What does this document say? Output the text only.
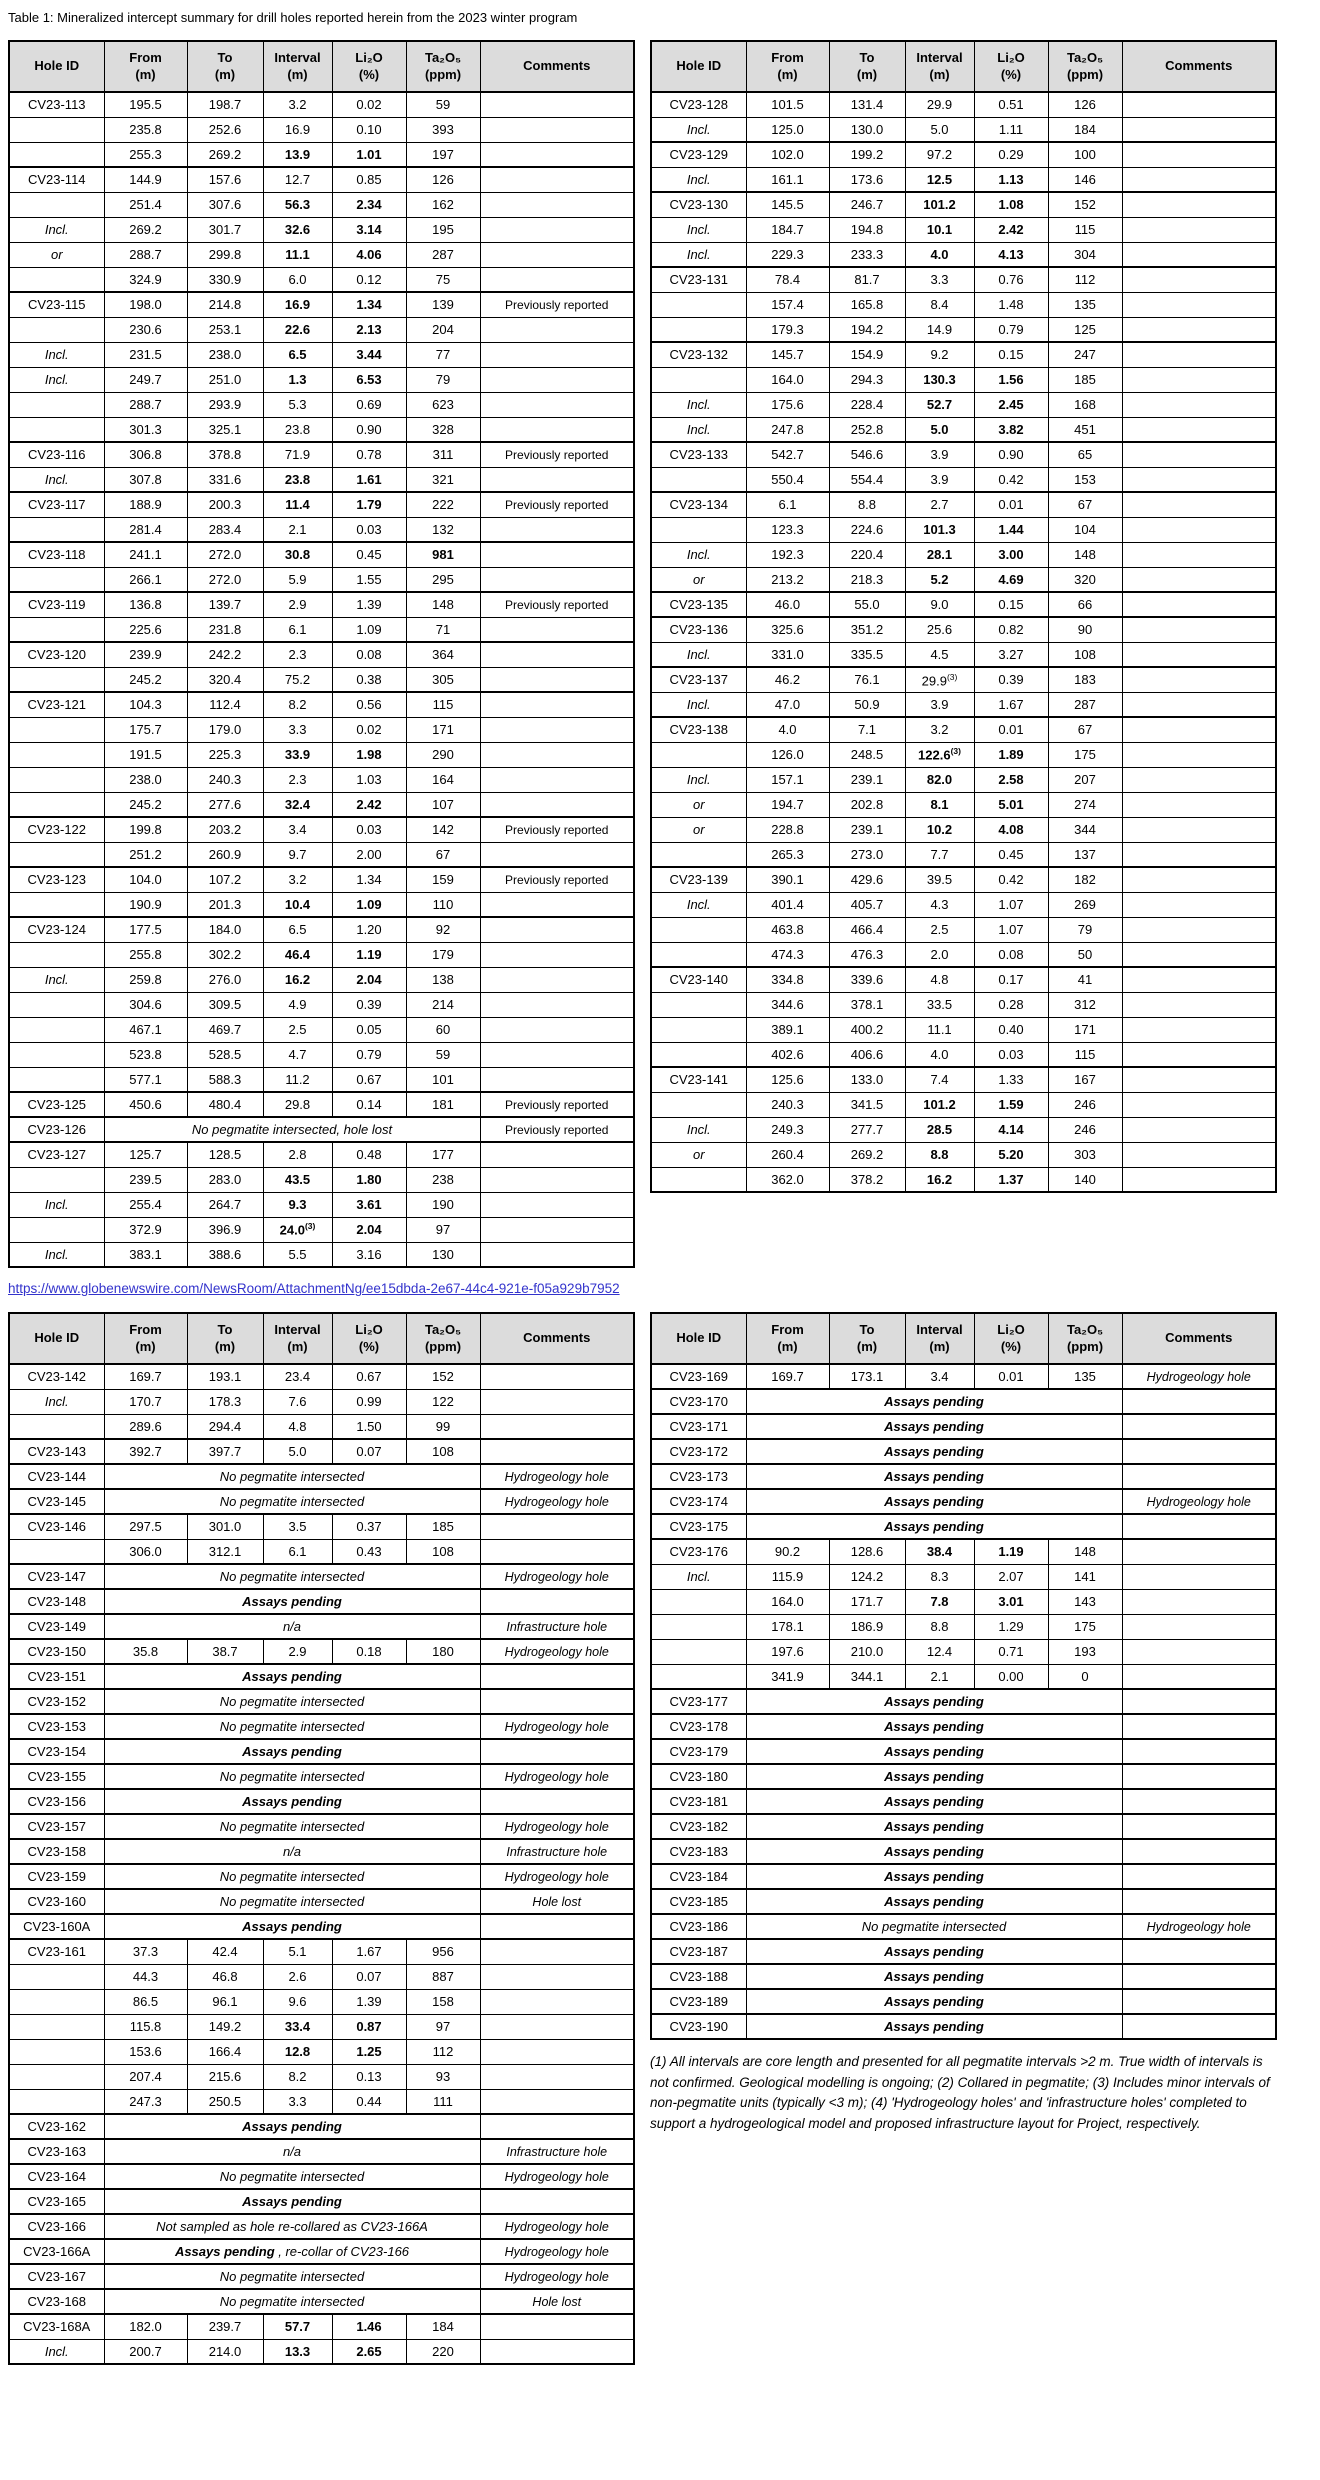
Table 1: Mineralized intercept summary for drill holes reported herein from the 2023 winter program
Hole ID

From
(m)

To
(m)

Interval
(m)

Li₂O
(%)

Ta₂O₅
(ppm)

Comments

CV23-113	195.5	198.7	3.2	0.02	59	
	235.8	252.6	16.9	0.10	393	
	255.3	269.2	13.9	1.01	197	
CV23-114	144.9	157.6	12.7	0.85	126	
	251.4	307.6	56.3	2.34	162	
Incl.	269.2	301.7	32.6	3.14	195	
or	288.7	299.8	11.1	4.06	287	
	324.9	330.9	6.0	0.12	75	
CV23-115	198.0	214.8	16.9	1.34	139	Previously reported
	230.6	253.1	22.6	2.13	204	
Incl.	231.5	238.0	6.5	3.44	77	
Incl.	249.7	251.0	1.3	6.53	79	
	288.7	293.9	5.3	0.69	623	
	301.3	325.1	23.8	0.90	328	
CV23-116	306.8	378.8	71.9	0.78	311	Previously reported
Incl.	307.8	331.6	23.8	1.61	321	
CV23-117	188.9	200.3	11.4	1.79	222	Previously reported
	281.4	283.4	2.1	0.03	132	
CV23-118	241.1	272.0	30.8	0.45	981	
	266.1	272.0	5.9	1.55	295	
CV23-119	136.8	139.7	2.9	1.39	148	Previously reported
	225.6	231.8	6.1	1.09	71	
CV23-120	239.9	242.2	2.3	0.08	364	
	245.2	320.4	75.2	0.38	305	
CV23-121	104.3	112.4	8.2	0.56	115	
	175.7	179.0	3.3	0.02	171	
	191.5	225.3	33.9	1.98	290	
	238.0	240.3	2.3	1.03	164	
	245.2	277.6	32.4	2.42	107	
CV23-122	199.8	203.2	3.4	0.03	142	Previously reported
	251.2	260.9	9.7	2.00	67	
CV23-123	104.0	107.2	3.2	1.34	159	Previously reported
	190.9	201.3	10.4	1.09	110	
CV23-124	177.5	184.0	6.5	1.20	92	
	255.8	302.2	46.4	1.19	179	
Incl.	259.8	276.0	16.2	2.04	138	
	304.6	309.5	4.9	0.39	214	
	467.1	469.7	2.5	0.05	60	
	523.8	528.5	4.7	0.79	59	
	577.1	588.3	11.2	0.67	101	
CV23-125	450.6	480.4	29.8	0.14	181	Previously reported
CV23-126	No pegmatite intersected, hole lost					Previously reported
CV23-127	125.7	128.5	2.8	0.48	177	
	239.5	283.0	43.5	1.80	238	
Incl.	255.4	264.7	9.3	3.61	190	
	372.9	396.9	24.0$^{(3)}$	2.04	97	
Incl.	383.1	388.6	5.5	3.16	130	
Hole ID

From
(m)

To
(m)

Interval
(m)

Li₂O
(%)

Ta₂O₅
(ppm)

Comments

CV23-128	101.5	131.4	29.9	0.51	126	
Incl.	125.0	130.0	5.0	1.11	184	
CV23-129	102.0	199.2	97.2	0.29	100	
Incl.	161.1	173.6	12.5	1.13	146	
CV23-130	145.5	246.7	101.2	1.08	152	
Incl.	184.7	194.8	10.1	2.42	115	
Incl.	229.3	233.3	4.0	4.13	304	
CV23-131	78.4	81.7	3.3	0.76	112	
	157.4	165.8	8.4	1.48	135	
	179.3	194.2	14.9	0.79	125	
CV23-132	145.7	154.9	9.2	0.15	247	
	164.0	294.3	130.3	1.56	185	
Incl.	175.6	228.4	52.7	2.45	168	
Incl.	247.8	252.8	5.0	3.82	451	
CV23-133	542.7	546.6	3.9	0.90	65	
	550.4	554.4	3.9	0.42	153	
CV23-134	6.1	8.8	2.7	0.01	67	
	123.3	224.6	101.3	1.44	104	
Incl.	192.3	220.4	28.1	3.00	148	
or	213.2	218.3	5.2	4.69	320	
CV23-135	46.0	55.0	9.0	0.15	66	
CV23-136	325.6	351.2	25.6	0.82	90	
Incl.	331.0	335.5	4.5	3.27	108	
CV23-137	46.2	76.1	29.9$^{(3)}$	0.39	183	
Incl.	47.0	50.9	3.9	1.67	287	
CV23-138	4.0	7.1	3.2	0.01	67	
	126.0	248.5	122.6$^{(3)}$	1.89	175	
Incl.	157.1	239.1	82.0	2.58	207	
or	194.7	202.8	8.1	5.01	274	
or	228.8	239.1	10.2	4.08	344	
	265.3	273.0	7.7	0.45	137	
CV23-139	390.1	429.6	39.5	0.42	182	
Incl.	401.4	405.7	4.3	1.07	269	
	463.8	466.4	2.5	1.07	79	
	474.3	476.3	2.0	0.08	50	
CV23-140	334.8	339.6	4.8	0.17	41	
	344.6	378.1	33.5	0.28	312	
	389.1	400.2	11.1	0.40	171	
	402.6	406.6	4.0	0.03	115	
CV23-141	125.6	133.0	7.4	1.33	167	
	240.3	341.5	101.2	1.59	246	
Incl.	249.3	277.7	28.5	4.14	246	
or	260.4	269.2	8.8	5.20	303	
	362.0	378.2	16.2	1.37	140	
https://www.globenewswire.com/NewsRoom/AttachmentNg/ee15dbda-2e67-44c4-921e-f05a929b7952
Hole ID

From
(m)

To
(m)

Interval
(m)

Li₂O
(%)

Ta₂O₅
(ppm)

Comments

CV23-142	169.7	193.1	23.4	0.67	152	
Incl.	170.7	178.3	7.6	0.99	122	
	289.6	294.4	4.8	1.50	99	
CV23-143	392.7	397.7	5.0	0.07	108	
CV23-144	No pegmatite intersected					Hydrogeology hole
CV23-145	No pegmatite intersected					Hydrogeology hole
CV23-146	297.5	301.0	3.5	0.37	185	
	306.0	312.1	6.1	0.43	108	
CV23-147	No pegmatite intersected					Hydrogeology hole
CV23-148	Assays pending					
CV23-149	n/a					Infrastructure hole
CV23-150	35.8	38.7	2.9	0.18	180	Hydrogeology hole
CV23-151	Assays pending					
CV23-152	No pegmatite intersected					
CV23-153	No pegmatite intersected					Hydrogeology hole
CV23-154	Assays pending					
CV23-155	No pegmatite intersected					Hydrogeology hole
CV23-156	Assays pending					
CV23-157	No pegmatite intersected					Hydrogeology hole
CV23-158	n/a					Infrastructure hole
CV23-159	No pegmatite intersected					Hydrogeology hole
CV23-160	No pegmatite intersected					Hole lost
CV23-160A	Assays pending					
CV23-161	37.3	42.4	5.1	1.67	956	
	44.3	46.8	2.6	0.07	887	
	86.5	96.1	9.6	1.39	158	
	115.8	149.2	33.4	0.87	97	
	153.6	166.4	12.8	1.25	112	
	207.4	215.6	8.2	0.13	93	
	247.3	250.5	3.3	0.44	111	
CV23-162	Assays pending					
CV23-163	n/a					Infrastructure hole
CV23-164	No pegmatite intersected					Hydrogeology hole
CV23-165	Assays pending					
CV23-166	Not sampled as hole re-collared as CV23-166A					Hydrogeology hole
CV23-166A	Assays pending , re-collar of CV23-166					Hydrogeology hole
CV23-167	No pegmatite intersected					Hydrogeology hole
CV23-168	No pegmatite intersected					Hole lost
CV23-168A	182.0	239.7	57.7	1.46	184	
Incl.	200.7	214.0	13.3	2.65	220	
Hole ID

From
(m)

To
(m)

Interval
(m)

Li₂O
(%)

Ta₂O₅
(ppm)

Comments

CV23-169	169.7	173.1	3.4	0.01	135	Hydrogeology hole
CV23-170	Assays pending					
CV23-171	Assays pending					
CV23-172	Assays pending					
CV23-173	Assays pending					
CV23-174	Assays pending					Hydrogeology hole
CV23-175	Assays pending					
CV23-176	90.2	128.6	38.4	1.19	148	
Incl.	115.9	124.2	8.3	2.07	141	
	164.0	171.7	7.8	3.01	143	
	178.1	186.9	8.8	1.29	175	
	197.6	210.0	12.4	0.71	193	
	341.9	344.1	2.1	0.00	0	
CV23-177	Assays pending					
CV23-178	Assays pending					
CV23-179	Assays pending					
CV23-180	Assays pending					
CV23-181	Assays pending					
CV23-182	Assays pending					
CV23-183	Assays pending					
CV23-184	Assays pending					
CV23-185	Assays pending					
CV23-186	No pegmatite intersected					Hydrogeology hole
CV23-187	Assays pending					
CV23-188	Assays pending					
CV23-189	Assays pending					
CV23-190	Assays pending					
(1) All intervals are core length and presented for all pegmatite intervals >2 m. True width of intervals is not confirmed. Geological modelling is ongoing; (2) Collared in pegmatite; (3) Includes minor intervals of non-pegmatite units (typically <3 m); (4) 'Hydrogeology holes' and 'infrastructure holes' completed to support a hydrogeological model and proposed infrastructure layout for Project, respectively.
